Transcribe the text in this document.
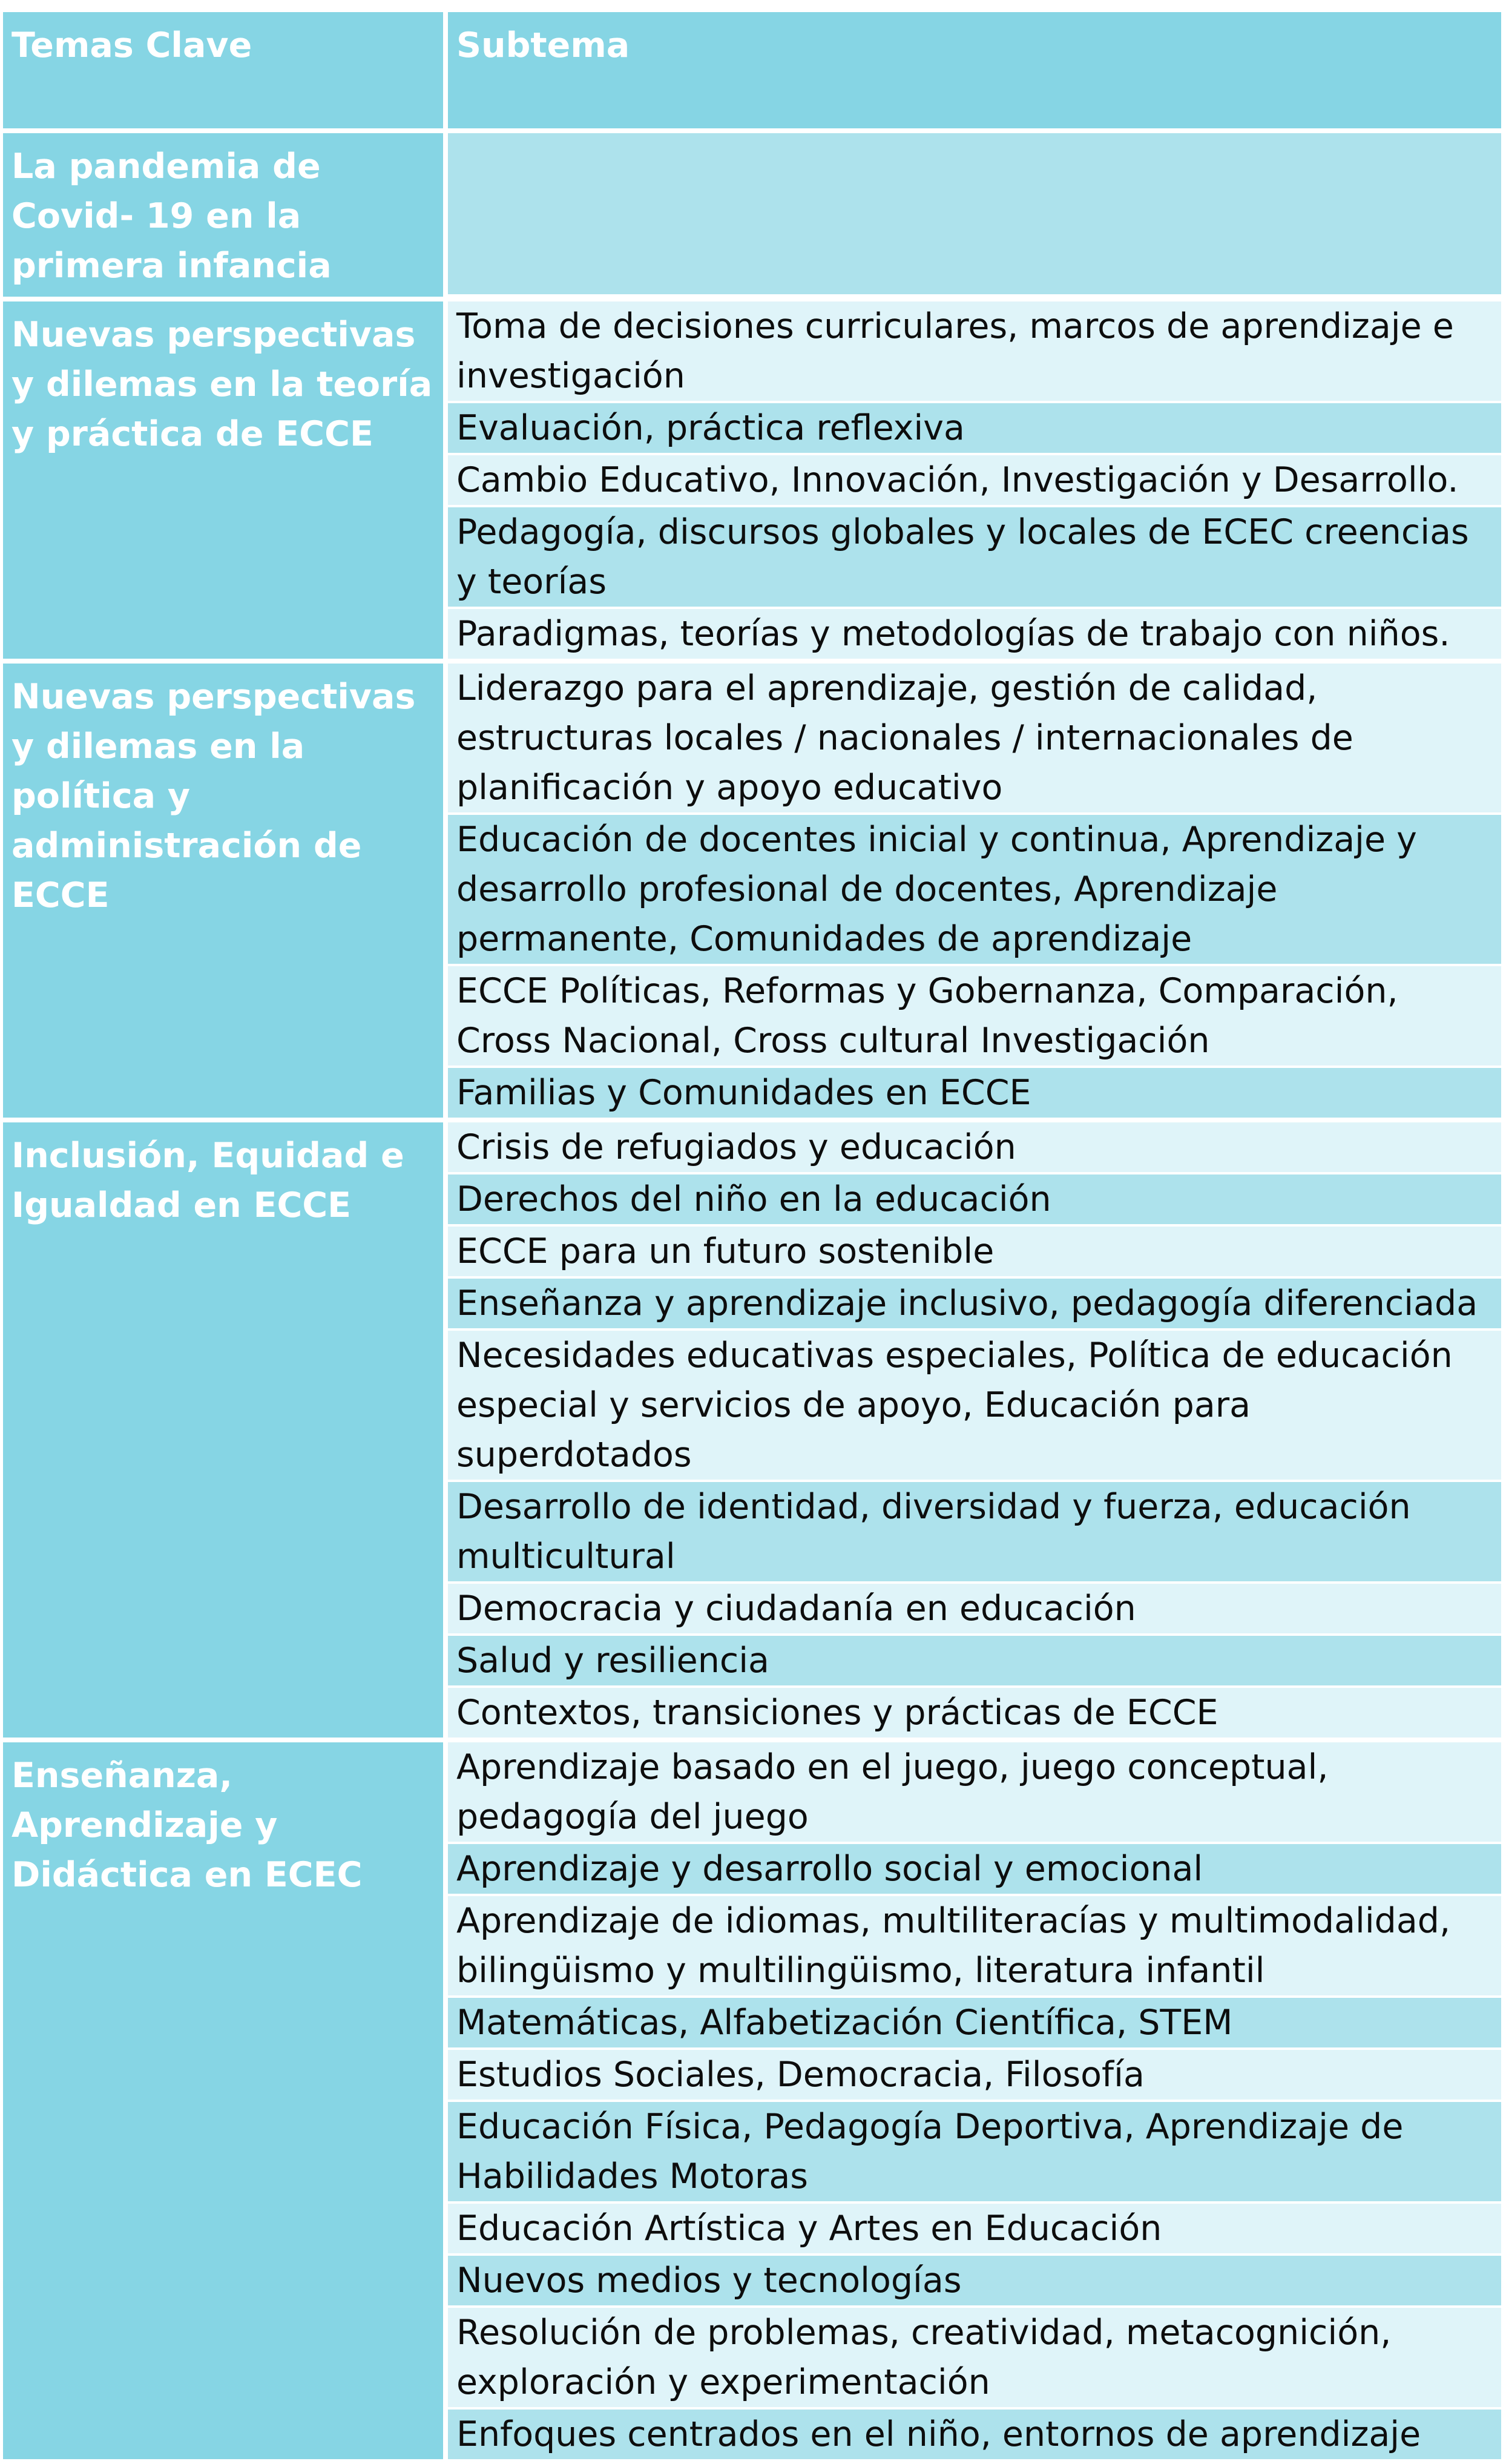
Temas Clave	Subtema
La pandemia de Covid- 19 en la primera infancia
Nuevas perspectivas y dilemas en la teoría y práctica de ECCE
Toma de decisiones curriculares, marcos de aprendizaje e investigación
Evaluación, práctica reflexiva
Cambio Educativo, Innovación, Investigación y Desarrollo.
Pedagogía, discursos globales y locales de ECEC creencias y teorías
Paradigmas, teorías y metodologías de trabajo con niños.
Nuevas perspectivas y dilemas en la política y administración de ECCE
Liderazgo para el aprendizaje, gestión de calidad, estructuras locales / nacionales / internacionales de planificación y apoyo educativo
Educación de docentes inicial y continua, Aprendizaje y desarrollo profesional de docentes, Aprendizaje permanente, Comunidades de aprendizaje
ECCE Políticas, Reformas y Gobernanza, Comparación, Cross Nacional, Cross cultural Investigación
Familias y Comunidades en ECCE
Inclusión, Equidad e Igualdad en ECCE
Crisis de refugiados y educación
Derechos del niño en la educación
ECCE para un futuro sostenible
Enseñanza y aprendizaje inclusivo, pedagogía diferenciada
Necesidades educativas especiales, Política de educación especial y servicios de apoyo, Educación para superdotados
Desarrollo de identidad, diversidad y fuerza, educación multicultural
Democracia y ciudadanía en educación
Salud y resiliencia
Contextos, transiciones y prácticas de ECCE
Enseñanza, Aprendizaje y Didáctica en ECEC
Aprendizaje basado en el juego, juego conceptual, pedagogía del juego
Aprendizaje y desarrollo social y emocional
Aprendizaje de idiomas, multiliteracías y multimodalidad, bilingüismo y multilingüismo, literatura infantil
Matemáticas, Alfabetización Científica, STEM
Estudios Sociales, Democracia, Filosofía
Educación Física, Pedagogía Deportiva, Aprendizaje de Habilidades Motoras
Educación Artística y Artes en Educación
Nuevos medios y tecnologías
Resolución de problemas, creatividad, metacognición, exploración y experimentación
Enfoques centrados en el niño, entornos de aprendizaje
